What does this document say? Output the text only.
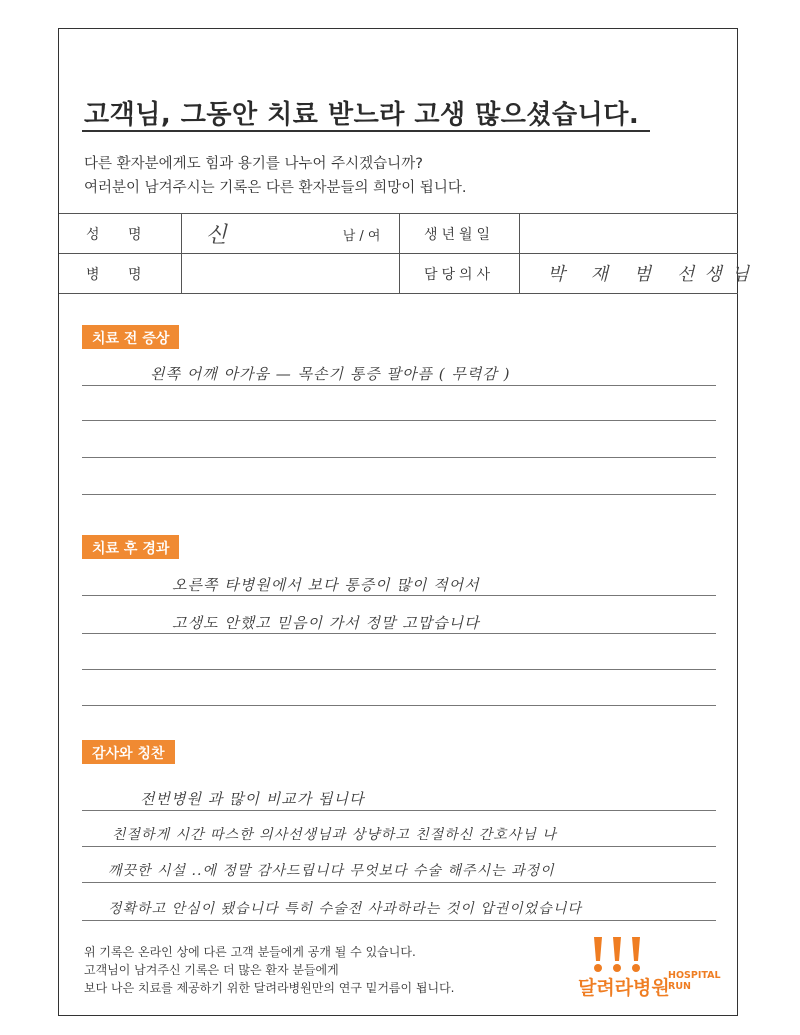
고객님, 그동안 치료 받느라 고생 많으셨습니다.
다른 환자분에게도 힘과 용기를 나누어 주시겠습니까?
여러분이 남겨주시는 기록은 다른 환자분들의 희망이 됩니다.
성 명	신 남 / 여	생년월일	

병 명		담당의사	박 재 범 선생님
치료 전 증상
왼쪽 어깨 아가움 — 목손기 통증 팔아픔 ( 무력감 )
치료 후 경과
오른쪽 타병원에서 보다 통증이 많이 적어서
고생도 안했고 믿음이 가서 정말 고맙습니다
감사와 칭찬
전번병원 과 많이 비교가 됩니다
친절하게 시간 따스한 의사선생님과 상냥하고 친절하신 간호사님 나
깨끗한 시설 ..에 정말 감사드립니다 무엇보다 수술 해주시는 과정이
정확하고 안심이 됐습니다 특히 수술전 사과하라는 것이 압권이었습니다
위 기록은 온라인 상에 다른 고객 분들에게 공개 될 수 있습니다.
고객님이 남겨주신 기록은 더 많은 환자 분들에게
보다 나은 치료를 제공하기 위한 달려라병원만의 연구 밑거름이 됩니다.	달려라병원
HOSPITAL
RUN
